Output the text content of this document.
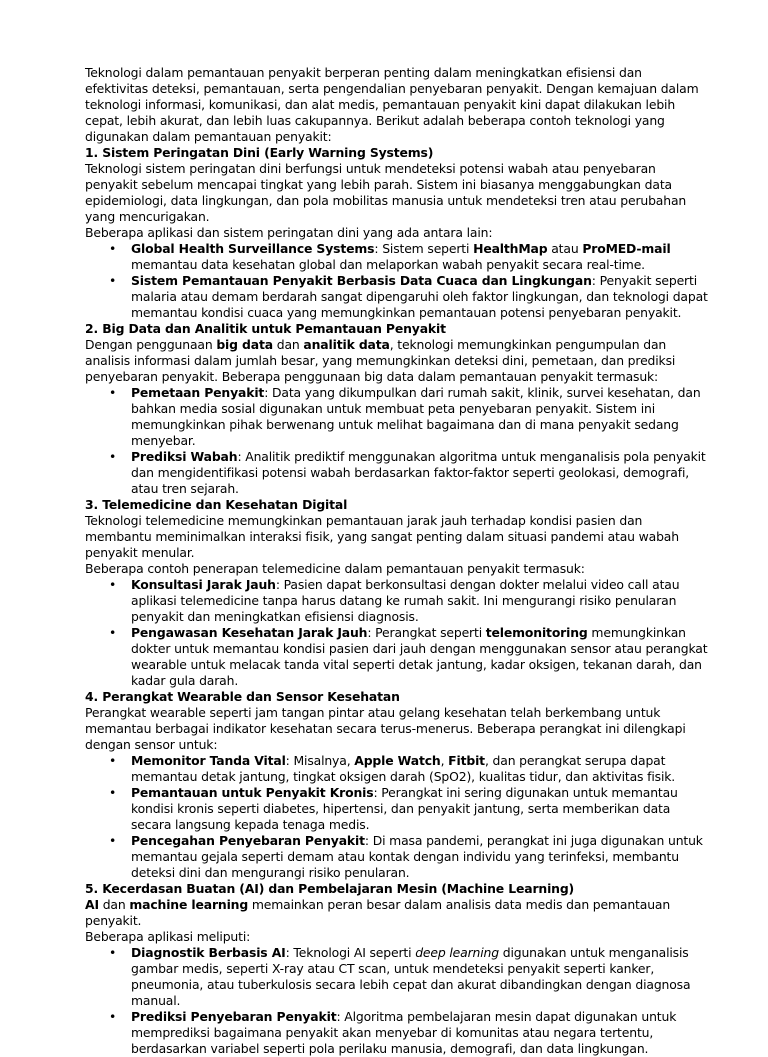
Teknologi dalam pemantauan penyakit berperan penting dalam meningkatkan efisiensi dan efektivitas deteksi, pemantauan, serta pengendalian penyebaran penyakit. Dengan kemajuan dalam teknologi informasi, komunikasi, dan alat medis, pemantauan penyakit kini dapat dilakukan lebih cepat, lebih akurat, dan lebih luas cakupannya. Berikut adalah beberapa contoh teknologi yang digunakan dalam pemantauan penyakit:

1. Sistem Peringatan Dini (Early Warning Systems)

Teknologi sistem peringatan dini berfungsi untuk mendeteksi potensi wabah atau penyebaran penyakit sebelum mencapai tingkat yang lebih parah. Sistem ini biasanya menggabungkan data epidemiologi, data lingkungan, dan pola mobilitas manusia untuk mendeteksi tren atau perubahan yang mencurigakan.

Beberapa aplikasi dan sistem peringatan dini yang ada antara lain:

• Global Health Surveillance Systems: Sistem seperti HealthMap atau ProMED-mail memantau data kesehatan global dan melaporkan wabah penyakit secara real-time.
• Sistem Pemantauan Penyakit Berbasis Data Cuaca dan Lingkungan: Penyakit seperti malaria atau demam berdarah sangat dipengaruhi oleh faktor lingkungan, dan teknologi dapat memantau kondisi cuaca yang memungkinkan pemantauan potensi penyebaran penyakit.
2. Big Data dan Analitik untuk Pemantauan Penyakit

Dengan penggunaan big data dan analitik data, teknologi memungkinkan pengumpulan dan analisis informasi dalam jumlah besar, yang memungkinkan deteksi dini, pemetaan, dan prediksi penyebaran penyakit. Beberapa penggunaan big data dalam pemantauan penyakit termasuk:

• Pemetaan Penyakit: Data yang dikumpulkan dari rumah sakit, klinik, survei kesehatan, dan bahkan media sosial digunakan untuk membuat peta penyebaran penyakit. Sistem ini memungkinkan pihak berwenang untuk melihat bagaimana dan di mana penyakit sedang menyebar.
• Prediksi Wabah: Analitik prediktif menggunakan algoritma untuk menganalisis pola penyakit dan mengidentifikasi potensi wabah berdasarkan faktor-faktor seperti geolokasi, demografi, atau tren sejarah.
3. Telemedicine dan Kesehatan Digital

Teknologi telemedicine memungkinkan pemantauan jarak jauh terhadap kondisi pasien dan membantu meminimalkan interaksi fisik, yang sangat penting dalam situasi pandemi atau wabah penyakit menular.

Beberapa contoh penerapan telemedicine dalam pemantauan penyakit termasuk:

• Konsultasi Jarak Jauh: Pasien dapat berkonsultasi dengan dokter melalui video call atau aplikasi telemedicine tanpa harus datang ke rumah sakit. Ini mengurangi risiko penularan penyakit dan meningkatkan efisiensi diagnosis.
• Pengawasan Kesehatan Jarak Jauh: Perangkat seperti telemonitoring memungkinkan dokter untuk memantau kondisi pasien dari jauh dengan menggunakan sensor atau perangkat wearable untuk melacak tanda vital seperti detak jantung, kadar oksigen, tekanan darah, dan kadar gula darah.
4. Perangkat Wearable dan Sensor Kesehatan

Perangkat wearable seperti jam tangan pintar atau gelang kesehatan telah berkembang untuk memantau berbagai indikator kesehatan secara terus-menerus. Beberapa perangkat ini dilengkapi dengan sensor untuk:

• Memonitor Tanda Vital: Misalnya, Apple Watch, Fitbit, dan perangkat serupa dapat memantau detak jantung, tingkat oksigen darah (SpO2), kualitas tidur, dan aktivitas fisik.
• Pemantauan untuk Penyakit Kronis: Perangkat ini sering digunakan untuk memantau kondisi kronis seperti diabetes, hipertensi, dan penyakit jantung, serta memberikan data secara langsung kepada tenaga medis.
• Pencegahan Penyebaran Penyakit: Di masa pandemi, perangkat ini juga digunakan untuk memantau gejala seperti demam atau kontak dengan individu yang terinfeksi, membantu deteksi dini dan mengurangi risiko penularan.
5. Kecerdasan Buatan (AI) dan Pembelajaran Mesin (Machine Learning)

AI dan machine learning memainkan peran besar dalam analisis data medis dan pemantauan penyakit.

Beberapa aplikasi meliputi:

• Diagnostik Berbasis AI: Teknologi AI seperti deep learning digunakan untuk menganalisis gambar medis, seperti X-ray atau CT scan, untuk mendeteksi penyakit seperti kanker, pneumonia, atau tuberkulosis secara lebih cepat dan akurat dibandingkan dengan diagnosa manual.
• Prediksi Penyebaran Penyakit: Algoritma pembelajaran mesin dapat digunakan untuk memprediksi bagaimana penyakit akan menyebar di komunitas atau negara tertentu, berdasarkan variabel seperti pola perilaku manusia, demografi, dan data lingkungan.
